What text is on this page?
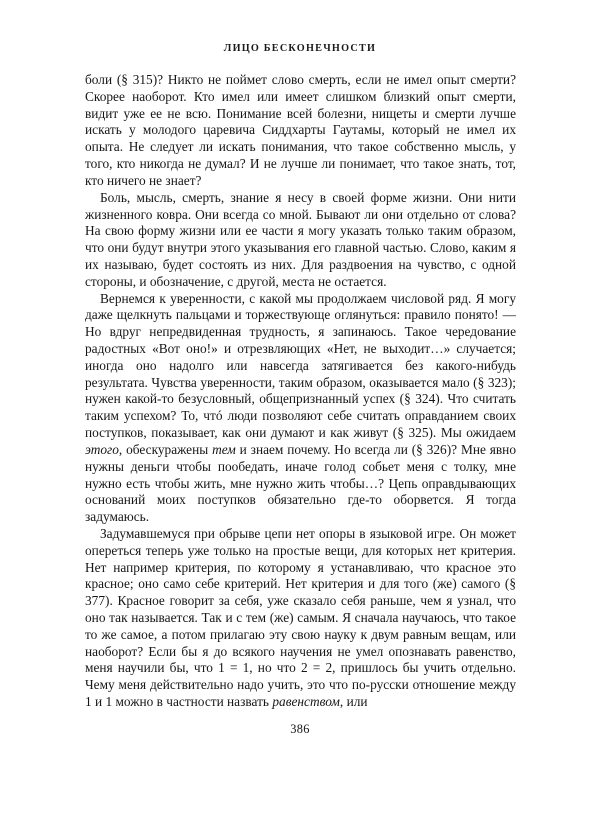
ЛИЦО БЕСКОНЕЧНОСТИ

боли (§ 315)? Никто не поймет слово смерть, если не имел опыт смерти? Скорее наоборот. Кто имел или имеет слишком близкий опыт смерти, видит уже ее не всю. Понимание всей болезни, нищеты и смерти лучше искать у молодого царевича Сиддхарты Гаутамы, который не имел их опыта. Не следует ли искать понимания, что такое собственно мысль, у того, кто никогда не думал? И не лучше ли понимает, что такое знать, тот, кто ничего не знает?

Боль, мысль, смерть, знание я несу в своей форме жизни. Они нити жизненного ковра. Они всегда со мной. Бывают ли они отдельно от слова? На свою форму жизни или ее части я могу указать только таким образом, что они будут внутри этого указывания его главной частью. Слово, каким я их называю, будет состоять из них. Для раздвоения на чувство, с одной стороны, и обозначение, с другой, места не остается.

Вернемся к уверенности, с какой мы продолжаем числовой ряд. Я могу даже щелкнуть пальцами и торжествующе оглянуться: правило понято! — Но вдруг непредвиденная трудность, я запинаюсь. Такое чередование радостных «Вот оно!» и отрезвляющих «Нет, не выходит…» случается; иногда оно надолго или навсегда затягивается без какого-нибудь результата. Чувства уверенности, таким образом, оказывается мало (§ 323); нужен какой-то безусловный, общепризнанный успех (§ 324). Что считать таким успехом? То, чтó люди позволяют себе считать оправданием своих поступков, показывает, как они думают и как живут (§ 325). Мы ожидаем этого, обескуражены тем и знаем почему. Но всегда ли (§ 326)? Мне явно нужны деньги чтобы пообедать, иначе голод собьет меня с толку, мне нужно есть чтобы жить, мне нужно жить чтобы…? Цепь оправдывающих оснований моих поступков обязательно где-то оборвется. Я тогда задумаюсь.

Задумавшемуся при обрыве цепи нет опоры в языковой игре. Он может опереться теперь уже только на простые вещи, для которых нет критерия. Нет например критерия, по которому я устанавливаю, что красное это красное; оно само себе критерий. Нет критерия и для того (же) самого (§ 377). Красное говорит за себя, уже сказало себя раньше, чем я узнал, что оно так называется. Так и с тем (же) самым. Я сначала научаюсь, что такое то же самое, а потом прилагаю эту свою науку к двум равным вещам, или наоборот? Если бы я до всякого научения не умел опознавать равенство, меня научили бы, что 1 = 1, но что 2 = 2, пришлось бы учить отдельно. Чему меня действительно надо учить, это что по-русски отношение между 1 и 1 можно в частности назвать равенством, или

386
